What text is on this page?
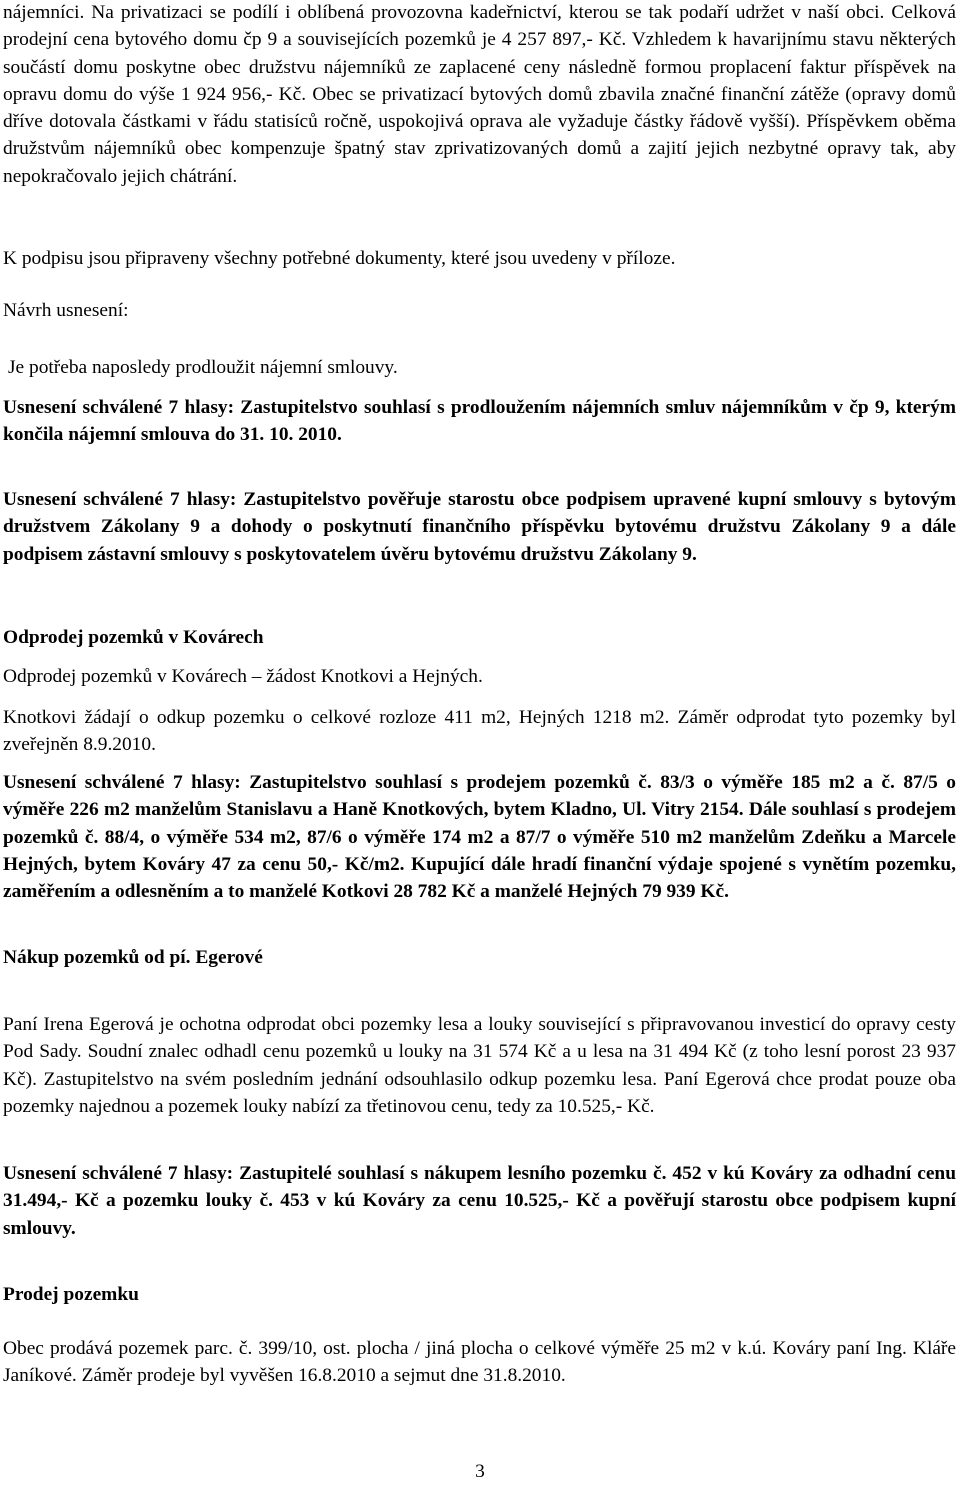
nájemníci. Na privatizaci se podílí i oblíbená provozovna kadeřnictví, kterou se tak podaří udržet v naší obci. Celková prodejní cena bytového domu čp 9 a souvisejících pozemků je 4 257 897,- Kč. Vzhledem k havarijnímu stavu některých součástí domu poskytne obec družstvu nájemníků ze zaplacené ceny následně formou proplacení faktur příspěvek na opravu domu do výše 1 924 956,- Kč. Obec se privatizací bytových domů zbavila značné finanční zátěže (opravy domů dříve dotovala částkami v řádu statisíců ročně, uspokojivá oprava ale vyžaduje částky řádově vyšší). Příspěvkem oběma družstvům nájemníků obec kompenzuje špatný stav zprivatizovaných domů a zajití jejich nezbytné opravy tak, aby nepokračovalo jejich chátrání.

K podpisu jsou připraveny všechny potřebné dokumenty, které jsou uvedeny v příloze.

Návrh usnesení:

Je potřeba naposledy prodloužit nájemní smlouvy.

Usnesení schválené 7 hlasy: Zastupitelstvo souhlasí s prodloužením nájemních smluv nájemníkům v čp 9, kterým končila nájemní smlouva do 31. 10. 2010.

Usnesení schválené 7 hlasy: Zastupitelstvo pověřuje starostu obce podpisem upravené kupní smlouvy s bytovým družstvem Zákolany 9 a dohody o poskytnutí finančního příspěvku bytovému družstvu Zákolany 9 a dále podpisem zástavní smlouvy s poskytovatelem úvěru bytovému družstvu Zákolany 9.

Odprodej pozemků v Kovárech

Odprodej pozemků v Kovárech – žádost Knotkovi a Hejných.

Knotkovi žádají o odkup pozemku o celkové rozloze 411 m2, Hejných 1218 m2. Záměr odprodat tyto pozemky byl zveřejněn 8.9.2010.

Usnesení schválené 7 hlasy: Zastupitelstvo souhlasí s prodejem pozemků č. 83/3 o výměře 185 m2 a č. 87/5 o výměře 226 m2 manželům Stanislavu a Haně Knotkových, bytem Kladno, Ul. Vitry 2154. Dále souhlasí s prodejem pozemků č. 88/4, o výměře 534 m2, 87/6 o výměře 174 m2 a 87/7 o výměře 510 m2 manželům Zdeňku a Marcele Hejných, bytem Kováry 47 za cenu 50,- Kč/m2. Kupující dále hradí finanční výdaje spojené s vynětím pozemku, zaměřením a odlesněním a to manželé Kotkovi 28 782 Kč a manželé Hejných 79 939 Kč.

Nákup pozemků od pí. Egerové

Paní Irena Egerová je ochotna odprodat obci pozemky lesa a louky související s připravovanou investicí do opravy cesty Pod Sady. Soudní znalec odhadl cenu pozemků u louky na 31 574 Kč a u lesa na 31 494 Kč (z toho lesní porost 23 937 Kč). Zastupitelstvo na svém posledním jednání odsouhlasilo odkup pozemku lesa. Paní Egerová chce prodat pouze oba pozemky najednou a pozemek louky nabízí za třetinovou cenu, tedy za 10.525,- Kč.

Usnesení schválené 7 hlasy: Zastupitelé souhlasí s nákupem lesního pozemku č. 452 v kú Kováry za odhadní cenu 31.494,- Kč a pozemku louky č. 453 v kú Kováry za cenu 10.525,- Kč a pověřují starostu obce podpisem kupní smlouvy.

Prodej pozemku

Obec prodává pozemek parc. č. 399/10, ost. plocha / jiná plocha o celkové výměře 25 m2 v k.ú. Kováry paní Ing. Kláře Janíkové. Záměr prodeje byl vyvěšen 16.8.2010 a sejmut dne 31.8.2010.

3
